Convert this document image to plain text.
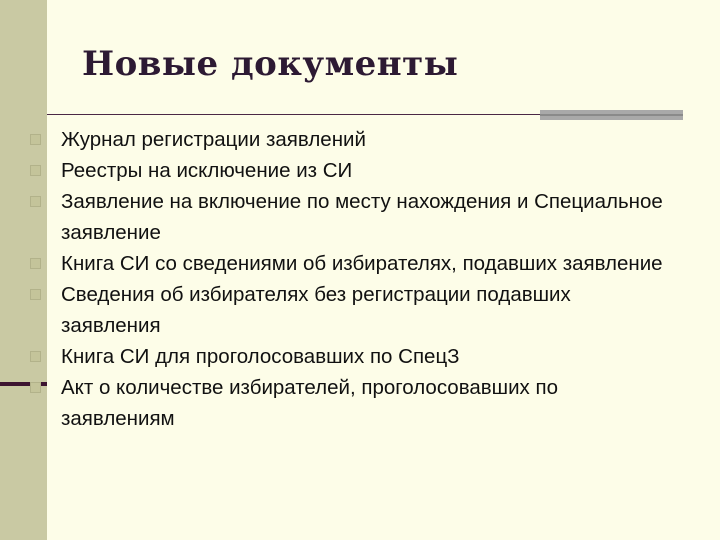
Новые документы
Журнал регистрации заявлений
Реестры на исключение из СИ
Заявление на включение по месту нахождения и Специальное заявление
Книга СИ со сведениями об избирателях, подавших заявление
Сведения об избирателях без регистрации подавших заявления
Книга СИ для проголосовавших по СпецЗ
Акт о количестве избирателей, проголосовавших по заявлениям
